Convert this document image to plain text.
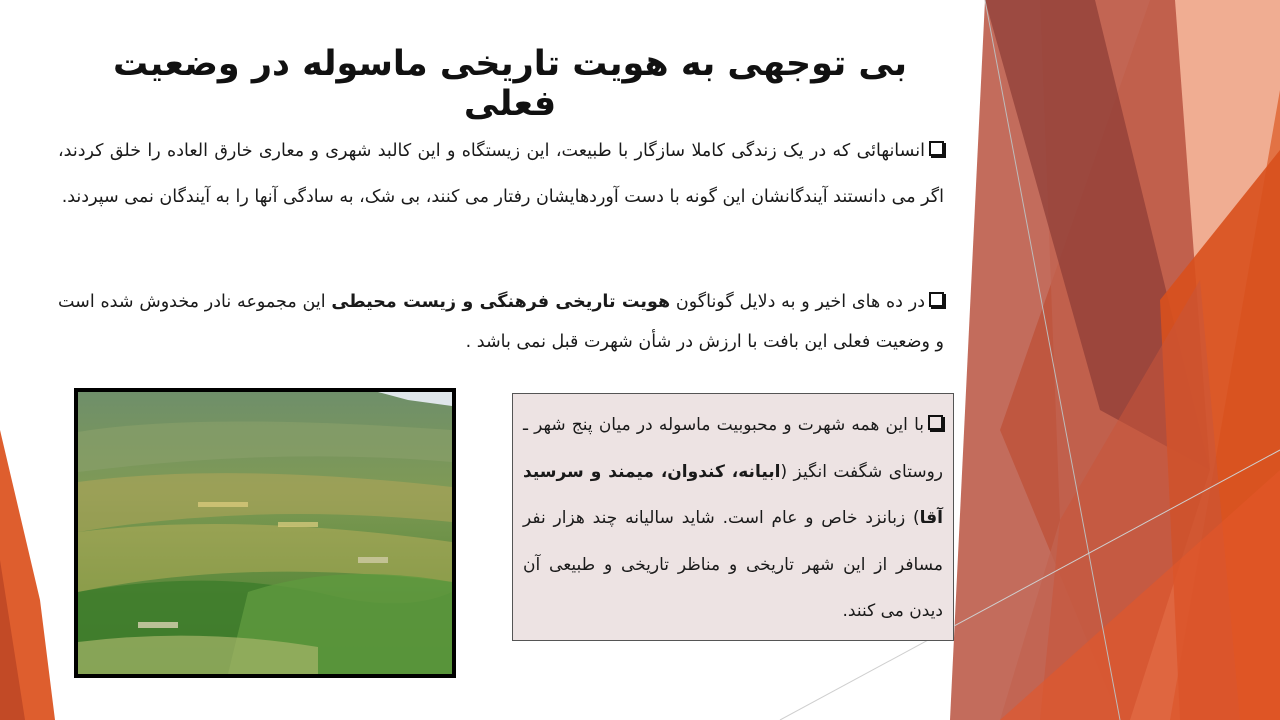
بی توجهی به هویت تاریخی ماسوله در وضعیت فعلی
انسانهائی که در یک زندگی کاملا سازگار با طبیعت، این زیستگاه و این کالبد شهری و معاری خارق العاده را خلق کردند، اگر می دانستند آیندگانشان این گونه با دست آوردهایشان رفتار می کنند، بی شک، به سادگی آنها را به آیندگان نمی سپردند.
در ده های اخیر و به دلایل گوناگون هویت تاریخی فرهنگی و زیست محیطی این مجموعه نادر مخدوش شده است و وضعیت فعلی این بافت با ارزش در شأن شهرت قبل نمی باشد .
با این همه شهرت و محبوبیت ماسوله در میان پنج شهر ـ روستای شگفت انگیز (ابیانه، کندوان، میمند و سرسید آقا) زبانزد خاص و عام است. شاید سالیانه چند هزار نفر مسافر از این شهر تاریخی و مناظر تاریخی و طبیعی آن دیدن می کنند.
